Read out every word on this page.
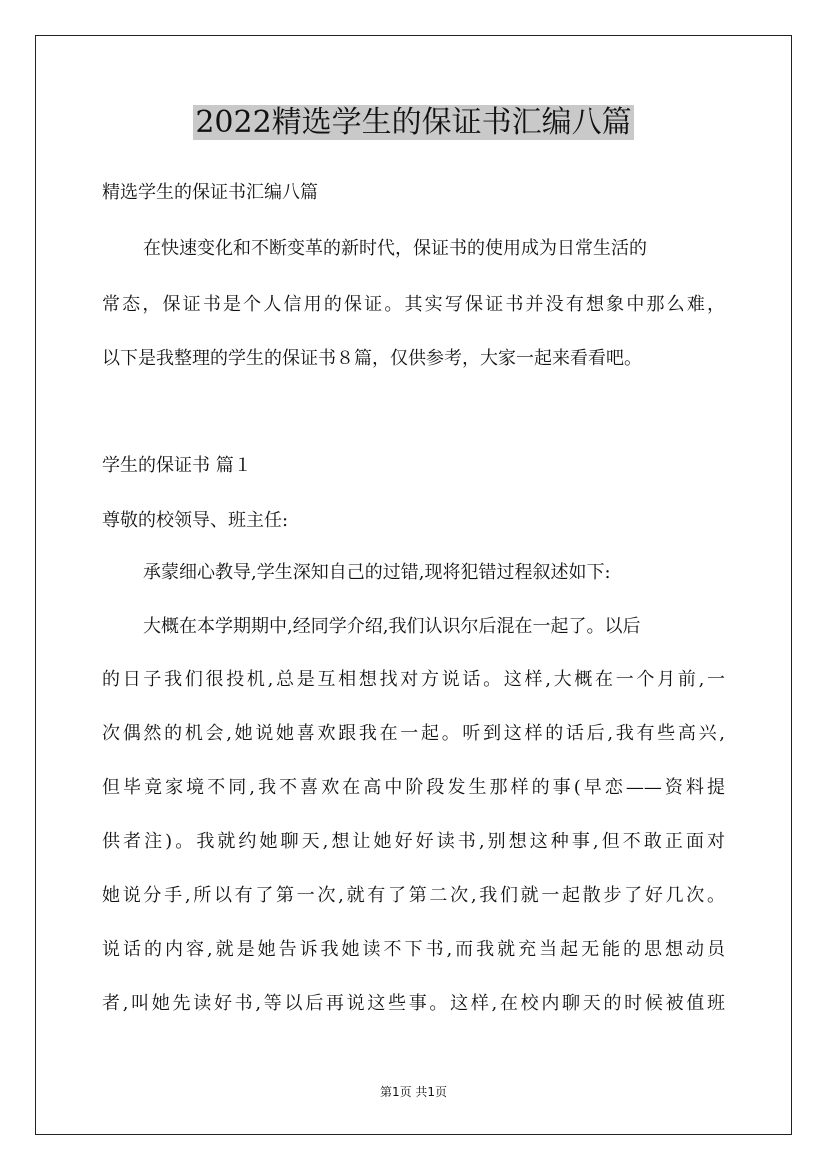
2022精选学生的保证书汇编八篇
精选学生的保证书汇编八篇
在快速变化和不断变革的新时代，保证书的使用成为日常生活的
常态，保证书是个人信用的保证。其实写保证书并没有想象中那么难，
以下是我整理的学生的保证书８篇，仅供参考，大家一起来看看吧。
学生的保证书 篇１
尊敬的校领导、班主任:
承蒙细心教导,学生深知自己的过错,现将犯错过程叙述如下:
大概在本学期期中,经同学介绍,我们认识尔后混在一起了。以后
的日子我们很投机,总是互相想找对方说话。这样,大概在一个月前,一
次偶然的机会,她说她喜欢跟我在一起。听到这样的话后,我有些高兴,
但毕竟家境不同,我不喜欢在高中阶段发生那样的事(早恋——资料提
供者注)。我就约她聊天,想让她好好读书,别想这种事,但不敢正面对
她说分手,所以有了第一次,就有了第二次,我们就一起散步了好几次。
说话的内容,就是她告诉我她读不下书,而我就充当起无能的思想动员
者,叫她先读好书,等以后再说这些事。这样,在校内聊天的时候被值班
第1页 共1页
